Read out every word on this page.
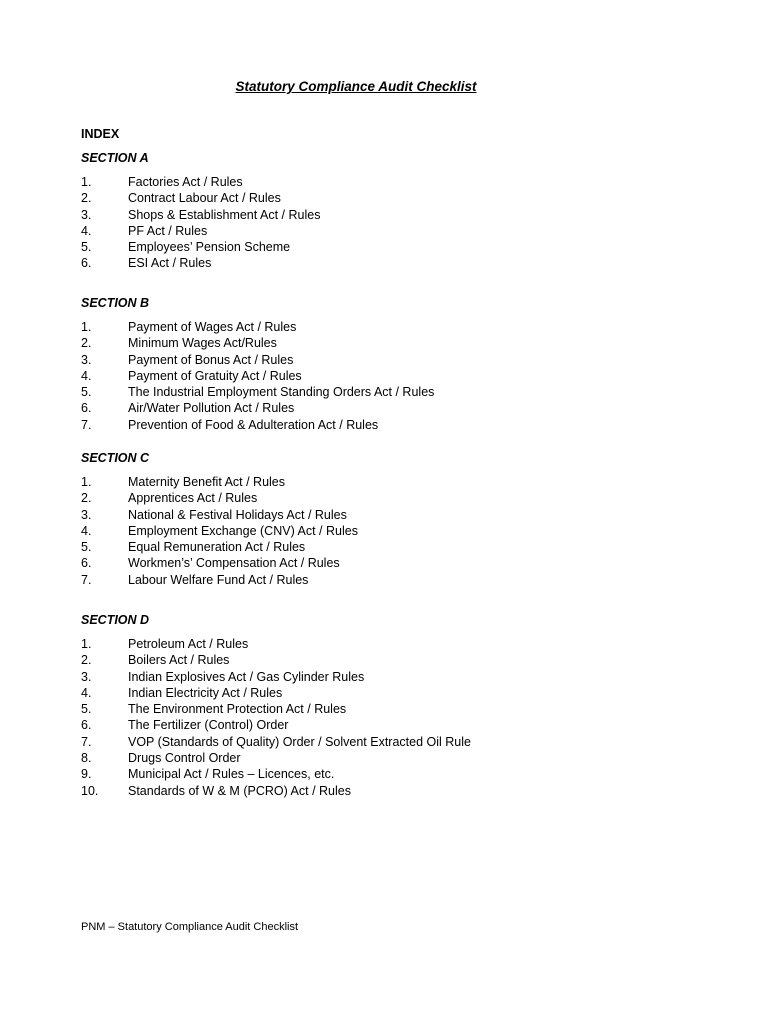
Statutory Compliance Audit Checklist
INDEX
SECTION A
1.	Factories Act / Rules
2.	Contract Labour Act / Rules
3.	Shops & Establishment Act / Rules
4.	PF Act / Rules
5.	Employees’ Pension Scheme
6.	ESI Act / Rules
SECTION B
1.	Payment of Wages Act / Rules
2.	Minimum Wages Act/Rules
3.	Payment of Bonus Act / Rules
4.	Payment of Gratuity Act / Rules
5.	The Industrial Employment Standing Orders Act / Rules
6.	Air/Water Pollution Act / Rules
7.	Prevention of Food & Adulteration Act / Rules
SECTION C
1.	Maternity Benefit Act / Rules
2.	Apprentices Act / Rules
3.	National & Festival Holidays Act / Rules
4.	Employment Exchange (CNV) Act / Rules
5.	Equal Remuneration Act / Rules
6.	Workmen’s’ Compensation Act / Rules
7.	Labour Welfare Fund Act / Rules
SECTION D
1.	Petroleum Act / Rules
2.	Boilers Act / Rules
3.	Indian Explosives Act / Gas Cylinder Rules
4.	Indian Electricity Act / Rules
5.	The Environment Protection Act / Rules
6.	The Fertilizer (Control) Order
7.	VOP (Standards of Quality) Order / Solvent Extracted Oil Rule
8.	Drugs Control Order
9.	Municipal Act / Rules – Licences, etc.
10.	Standards of W & M (PCRO) Act / Rules
PNM – Statutory Compliance Audit Checklist
